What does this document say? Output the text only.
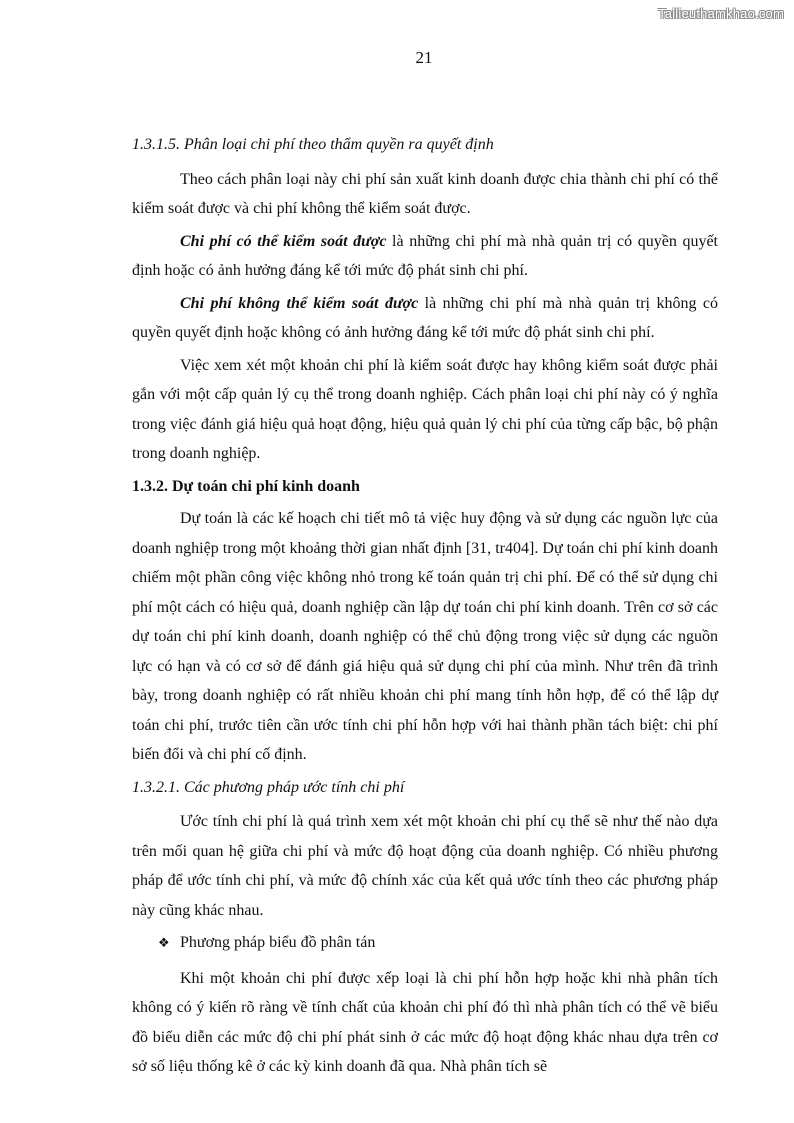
Tailieuthamkhao.com
21

1.3.1.5. Phân loại chi phí theo thẩm quyền ra quyết định

Theo cách phân loại này chi phí sản xuất kinh doanh được chia thành chi phí có thể kiểm soát được và chi phí không thể kiểm soát được.

Chi phí có thể kiểm soát được là những chi phí mà nhà quản trị có quyền quyết định hoặc có ảnh hưởng đáng kể tới mức độ phát sinh chi phí.

Chi phí không thể kiểm soát được là những chi phí mà nhà quản trị không có quyền quyết định hoặc không có ảnh hưởng đáng kể tới mức độ phát sinh chi phí.

Việc xem xét một khoản chi phí là kiểm soát được hay không kiểm soát được phải gắn với một cấp quản lý cụ thể trong doanh nghiệp. Cách phân loại chi phí này có ý nghĩa trong việc đánh giá hiệu quả hoạt động, hiệu quả quản lý chi phí của từng cấp bậc, bộ phận trong doanh nghiệp.

1.3.2. Dự toán chi phí kinh doanh

Dự toán là các kế hoạch chi tiết mô tả việc huy động và sử dụng các nguồn lực của doanh nghiệp trong một khoảng thời gian nhất định [31, tr404]. Dự toán chi phí kinh doanh chiếm một phần công việc không nhỏ trong kế toán quản trị chi phí. Để có thể sử dụng chi phí một cách có hiệu quả, doanh nghiệp cần lập dự toán chi phí kinh doanh. Trên cơ sở các dự toán chi phí kinh doanh, doanh nghiệp có thể chủ động trong việc sử dụng các nguồn lực có hạn và có cơ sở để đánh giá hiệu quả sử dụng chi phí của mình. Như trên đã trình bày, trong doanh nghiệp có rất nhiều khoản chi phí mang tính hỗn hợp, để có thể lập dự toán chi phí, trước tiên cần ước tính chi phí hỗn hợp với hai thành phần tách biệt: chi phí biến đổi và chi phí cố định.

1.3.2.1. Các phương pháp ước tính chi phí

Ước tính chi phí là quá trình xem xét một khoản chi phí cụ thể sẽ như thế nào dựa trên mối quan hệ giữa chi phí và mức độ hoạt động của doanh nghiệp. Có nhiều phương pháp để ước tính chi phí, và mức độ chính xác của kết quả ước tính theo các phương pháp này cũng khác nhau.

❖ Phương pháp biểu đồ phân tán

Khi một khoản chi phí được xếp loại là chi phí hỗn hợp hoặc khi nhà phân tích không có ý kiến rõ ràng về tính chất của khoản chi phí đó thì nhà phân tích có thể vẽ biểu đồ biểu diễn các mức độ chi phí phát sinh ở các mức độ hoạt động khác nhau dựa trên cơ sở số liệu thống kê ở các kỳ kinh doanh đã qua. Nhà phân tích sẽ
